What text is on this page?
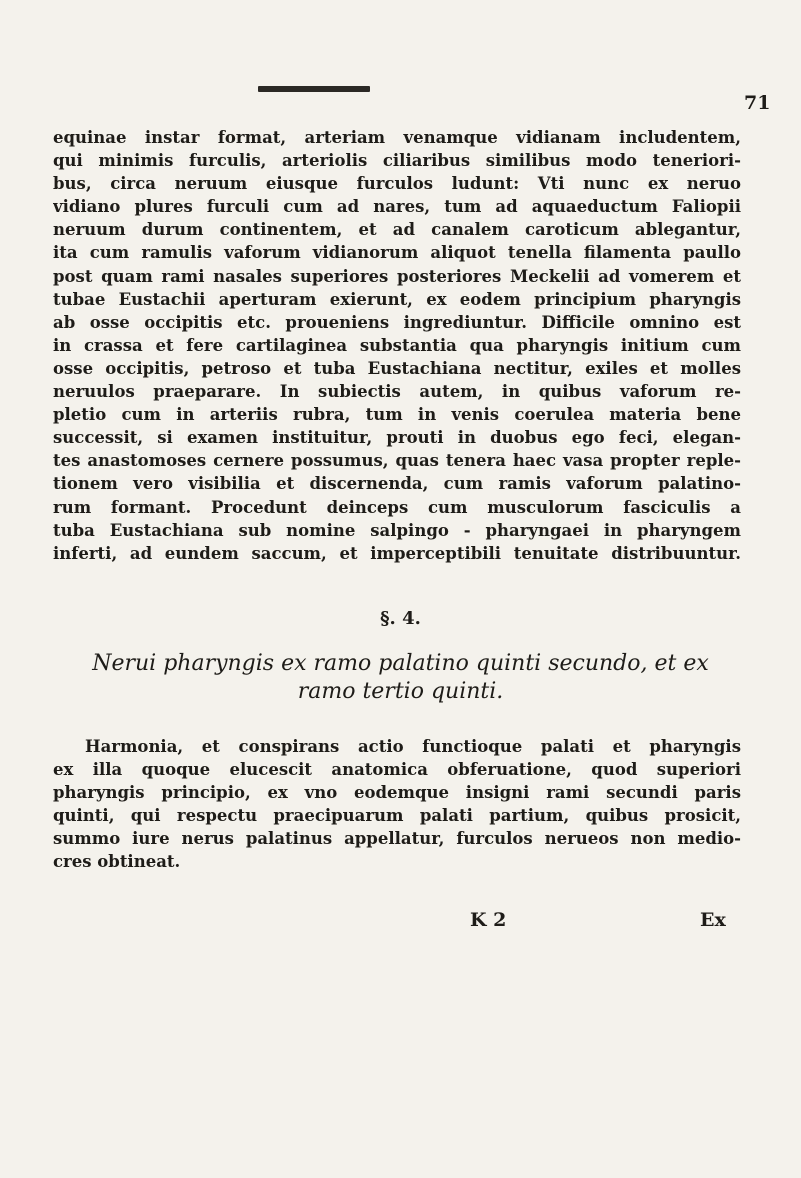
71
equinae instar format, arteriam venamque vidianam includentem,
qui minimis furculis, arteriolis ciliaribus similibus modo teneriori-
bus, circa neruum eiusque furculos ludunt: Vti nunc ex neruo
vidiano plures furculi cum ad nares, tum ad aquaeductum Faliopii
neruum durum continentem, et ad canalem caroticum ablegantur,
ita cum ramulis vaforum vidianorum aliquot tenella filamenta paullo
post quam rami nasales superiores posteriores Meckelii ad vomerem et
tubae Eustachii aperturam exierunt, ex eodem principium pharyngis
ab osse occipitis etc. proueniens ingrediuntur. Difficile omnino est
in crassa et fere cartilaginea substantia qua pharyngis initium cum
osse occipitis, petroso et tuba Eustachiana nectitur, exiles et molles
neruulos praeparare. In subiectis autem, in quibus vaforum re-
pletio cum in arteriis rubra, tum in venis coerulea materia bene
successit, si examen instituitur, prouti in duobus ego feci, elegan-
tes anastomoses cernere possumus, quas tenera haec vasa propter reple-
tionem vero visibilia et discernenda, cum ramis vaforum palatino-
rum formant. Procedunt deinceps cum musculorum fasciculis a
tuba Eustachiana sub nomine salpingo - pharyngaei in pharyngem
inferti, ad eundem saccum, et imperceptibili tenuitate distribuuntur.
§. 4.
Nerui pharyngis ex ramo palatino quinti secundo, et ex
ramo tertio quinti.
Harmonia, et conspirans actio functioque palati et pharyngis
ex illa quoque elucescit anatomica obferuatione, quod superiori
pharyngis principio, ex vno eodemque insigni rami secundi paris
quinti, qui respectu praecipuarum palati partium, quibus prosicit,
summo iure nerus palatinus appellatur, furculos nerueos non medio-
cres obtineat.
K 2	Ex
